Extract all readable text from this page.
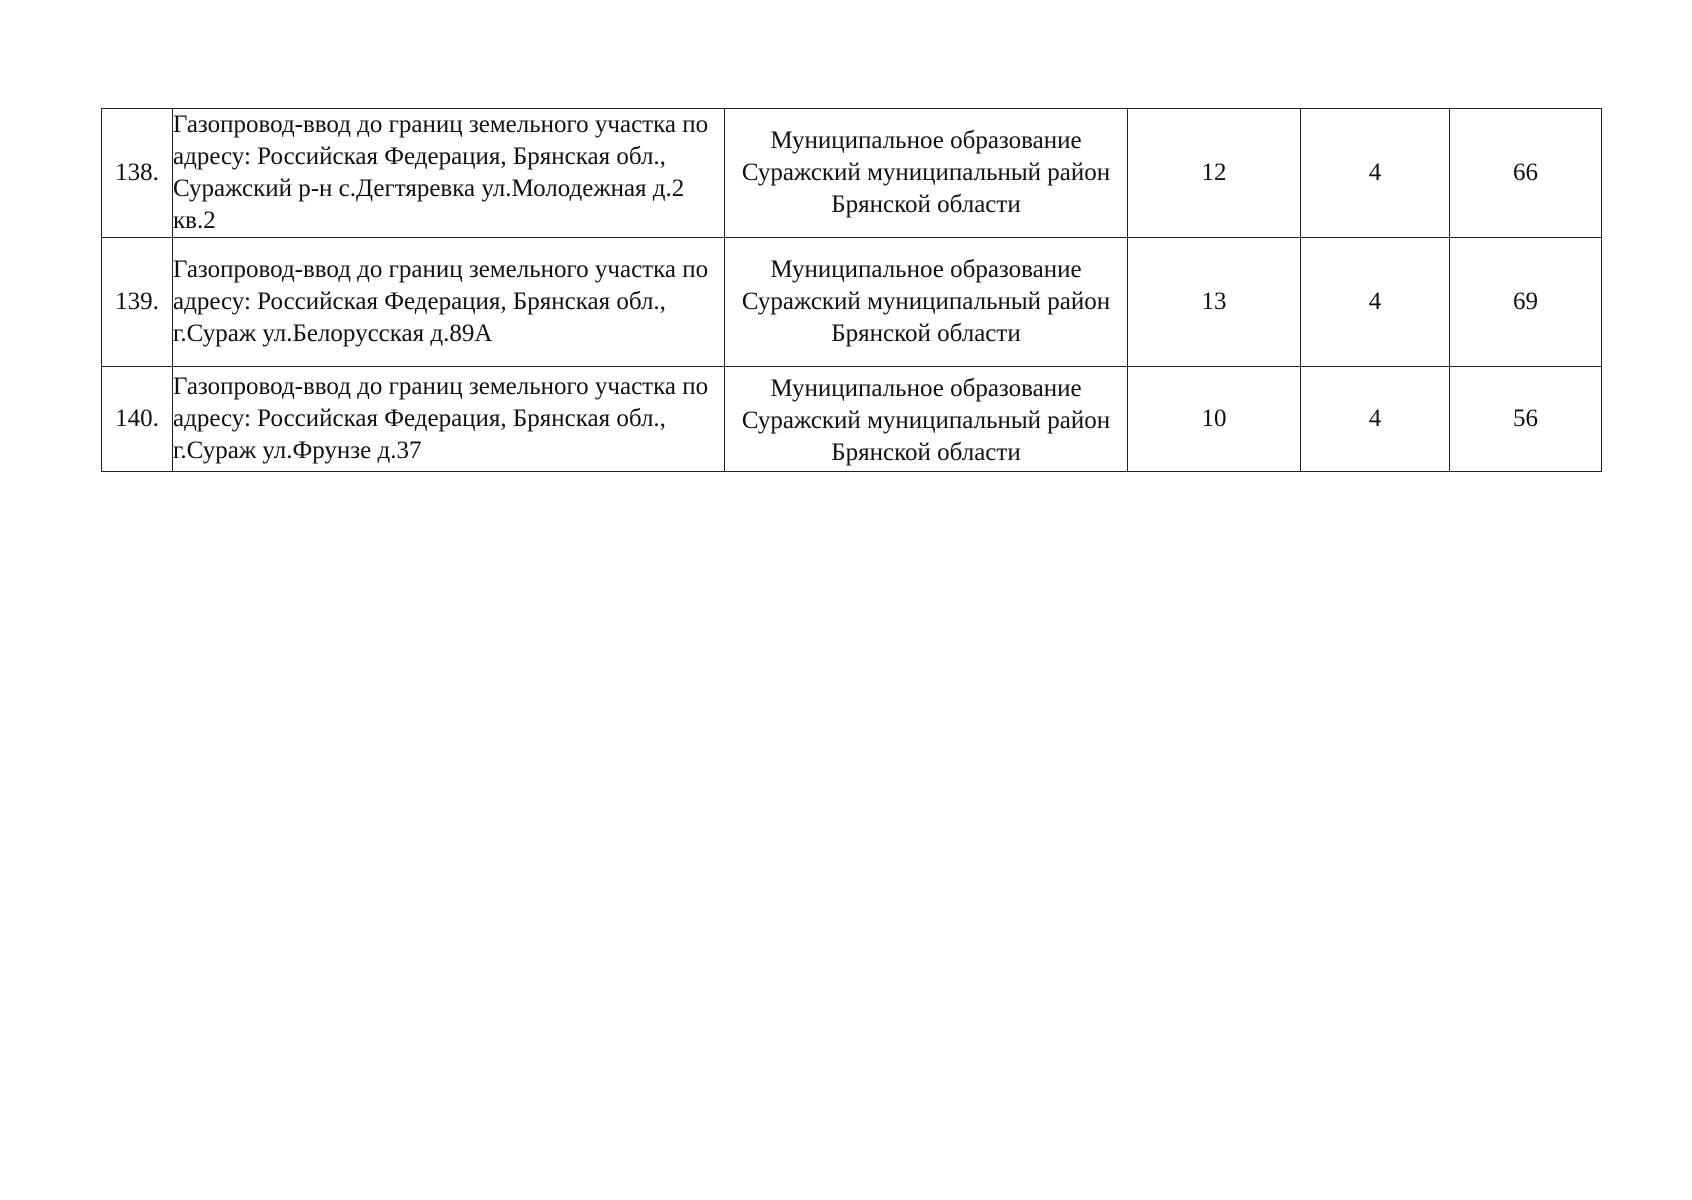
138.	Газопровод-ввод до границ земельного участка по адресу: Российская Федерация, Брянская обл., Суражский р-н с.Дегтяревка ул.Молодежная д.2 кв.2	Муниципальное образование Суражский муниципальный район Брянской области	12	4	66
139.	Газопровод-ввод до границ земельного участка по адресу: Российская Федерация, Брянская обл., г.Сураж ул.Белорусская д.89А	Муниципальное образование Суражский муниципальный район Брянской области	13	4	69
140.	Газопровод-ввод до границ земельного участка по адресу: Российская Федерация, Брянская обл., г.Сураж ул.Фрунзе д.37	Муниципальное образование Суражский муниципальный район Брянской области	10	4	56
